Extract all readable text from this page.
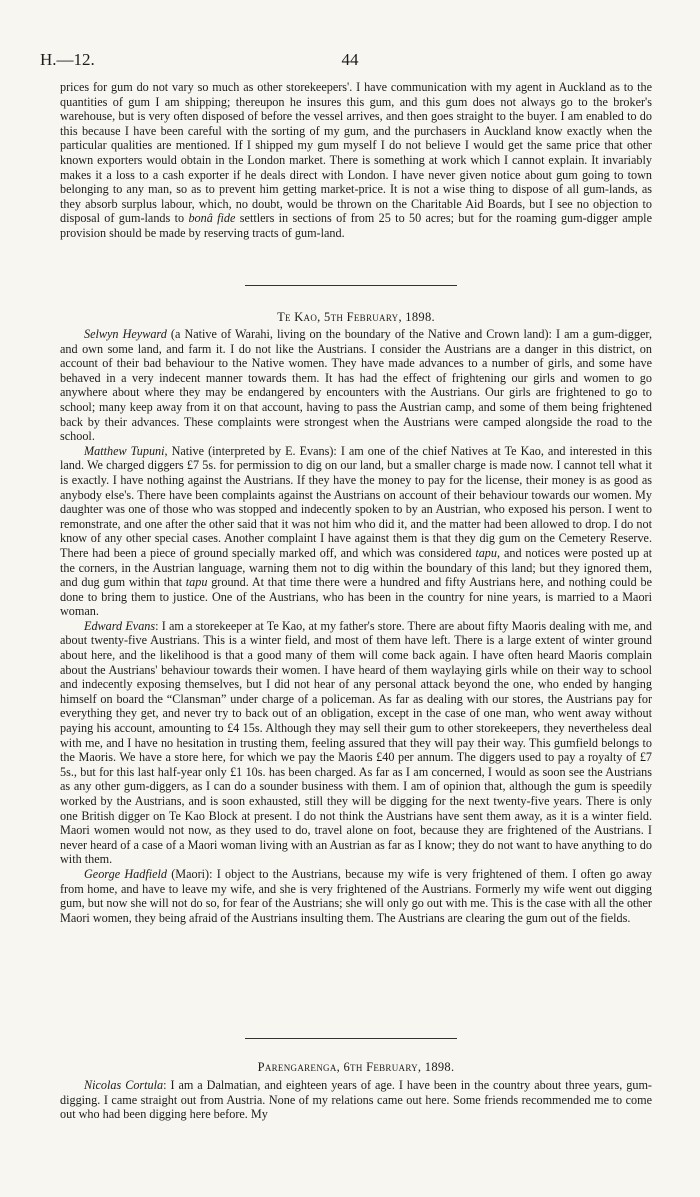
H.—12.	44

prices for gum do not vary so much as other storekeepers'. I have communication with my agent in Auckland as to the quantities of gum I am shipping; thereupon he insures this gum, and this gum does not always go to the broker's warehouse, but is very often disposed of before the vessel arrives, and then goes straight to the buyer. I am enabled to do this because I have been careful with the sorting of my gum, and the purchasers in Auckland know exactly when the particular qualities are mentioned. If I shipped my gum myself I do not believe I would get the same price that other known exporters would obtain in the London market. There is something at work which I cannot explain. It invariably makes it a loss to a cash exporter if he deals direct with London. I have never given notice about gum going to town belonging to any man, so as to prevent him getting market-price. It is not a wise thing to dispose of all gum-lands, as they absorb surplus labour, which, no doubt, would be thrown on the Charitable Aid Boards, but I see no objection to disposal of gum-lands to bonâ fide settlers in sections of from 25 to 50 acres; but for the roaming gum-digger ample provision should be made by reserving tracts of gum-land.

Te Kao, 5th February, 1898.

Selwyn Heyward (a Native of Warahi, living on the boundary of the Native and Crown land): I am a gum-digger, and own some land, and farm it. I do not like the Austrians. I consider the Austrians are a danger in this district, on account of their bad behaviour to the Native women. They have made advances to a number of girls, and some have behaved in a very indecent manner towards them. It has had the effect of frightening our girls and women to go anywhere about where they may be endangered by encounters with the Austrians. Our girls are frightened to go to school; many keep away from it on that account, having to pass the Austrian camp, and some of them being frightened back by their advances. These complaints were strongest when the Austrians were camped alongside the road to the school.

Matthew Tupuni, Native (interpreted by E. Evans): I am one of the chief Natives at Te Kao, and interested in this land. We charged diggers £7 5s. for permission to dig on our land, but a smaller charge is made now. I cannot tell what it is exactly. I have nothing against the Austrians. If they have the money to pay for the license, their money is as good as anybody else's. There have been complaints against the Austrians on account of their behaviour towards our women. My daughter was one of those who was stopped and indecently spoken to by an Austrian, who exposed his person. I went to remonstrate, and one after the other said that it was not him who did it, and the matter had been allowed to drop. I do not know of any other special cases. Another complaint I have against them is that they dig gum on the Cemetery Reserve. There had been a piece of ground specially marked off, and which was considered tapu, and notices were posted up at the corners, in the Austrian language, warning them not to dig within the boundary of this land; but they ignored them, and dug gum within that tapu ground. At that time there were a hundred and fifty Austrians here, and nothing could be done to bring them to justice. One of the Austrians, who has been in the country for nine years, is married to a Maori woman.

Edward Evans: I am a storekeeper at Te Kao, at my father's store. There are about fifty Maoris dealing with me, and about twenty-five Austrians. This is a winter field, and most of them have left. There is a large extent of winter ground about here, and the likelihood is that a good many of them will come back again. I have often heard Maoris complain about the Austrians' behaviour towards their women. I have heard of them waylaying girls while on their way to school and indecently exposing themselves, but I did not hear of any personal attack beyond the one, who ended by hanging himself on board the “Clansman” under charge of a policeman. As far as dealing with our stores, the Austrians pay for everything they get, and never try to back out of an obligation, except in the case of one man, who went away without paying his account, amounting to £4 15s. Although they may sell their gum to other storekeepers, they nevertheless deal with me, and I have no hesitation in trusting them, feeling assured that they will pay their way. This gumfield belongs to the Maoris. We have a store here, for which we pay the Maoris £40 per annum. The diggers used to pay a royalty of £7 5s., but for this last half-year only £1 10s. has been charged. As far as I am concerned, I would as soon see the Austrians as any other gum-diggers, as I can do a sounder business with them. I am of opinion that, although the gum is speedily worked by the Austrians, and is soon exhausted, still they will be digging for the next twenty-five years. There is only one British digger on Te Kao Block at present. I do not think the Austrians have sent them away, as it is a winter field. Maori women would not now, as they used to do, travel alone on foot, because they are frightened of the Austrians. I never heard of a case of a Maori woman living with an Austrian as far as I know; they do not want to have anything to do with them.

George Hadfield (Maori): I object to the Austrians, because my wife is very frightened of them. I often go away from home, and have to leave my wife, and she is very frightened of the Austrians. Formerly my wife went out digging gum, but now she will not do so, for fear of the Austrians; she will only go out with me. This is the case with all the other Maori women, they being afraid of the Austrians insulting them. The Austrians are clearing the gum out of the fields.

Parengarenga, 6th February, 1898.

Nicolas Cortula: I am a Dalmatian, and eighteen years of age. I have been in the country about three years, gum-digging. I came straight out from Austria. None of my relations came out here. Some friends recommended me to come out who had been digging here before. My
